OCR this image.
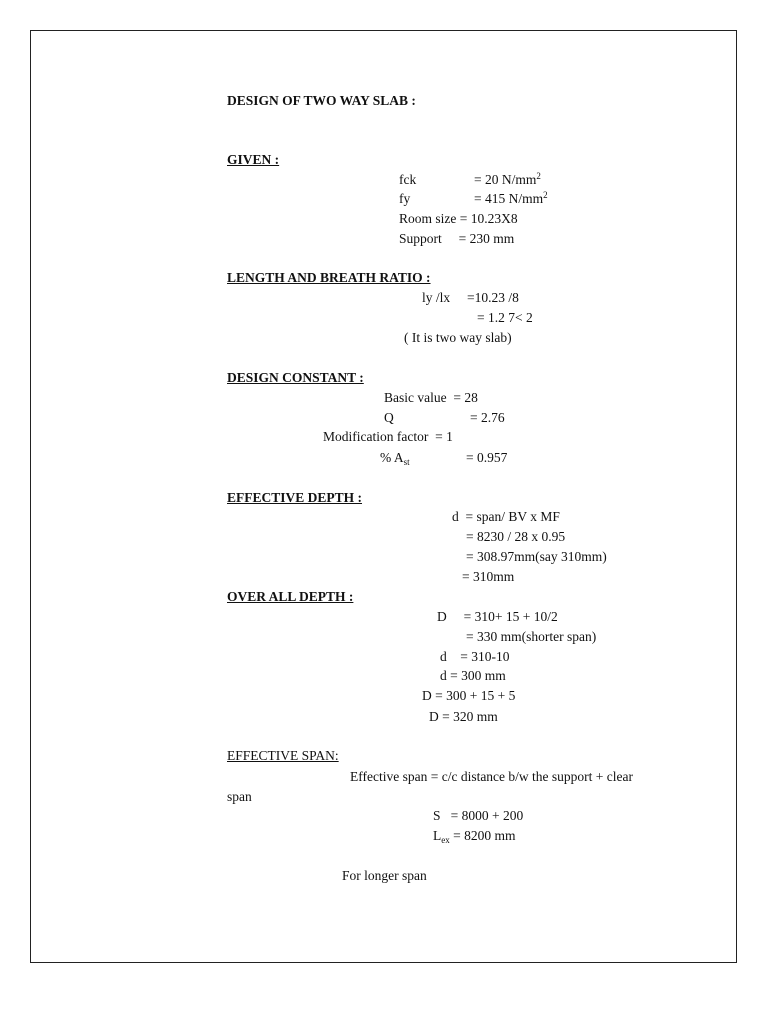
DESIGN OF TWO WAY SLAB :
GIVEN :
fck	= 20 $N/mm^2$
fy	= 415 $N/mm^2$
Room size = 10.23X8
Support     = 230 mm
LENGTH AND BREATH RATIO :
ly /lx     =10.23 /8
= 1.2 7< 2
( It is two way slab)
DESIGN CONSTANT :
Basic value  = 28
Q	= 2.76
Modification factor  = 1
% $A_{st}$	= 0.957
EFFECTIVE DEPTH :
d  = span/ BV x MF
= 8230 / 28 x 0.95
= 308.97mm(say 310mm)
= 310mm
OVER ALL DEPTH :
D     = 310+ 15 + 10/2
= 330 mm(shorter span)
d    = 310-10
d = 300 mm
D = 300 + 15 + 5
D = 320 mm
EFFECTIVE SPAN:
Effective span = c/c distance b/w the support + clear
span
S   = 8000 + 200
$L_{ex} = 8200$ mm
For longer span
